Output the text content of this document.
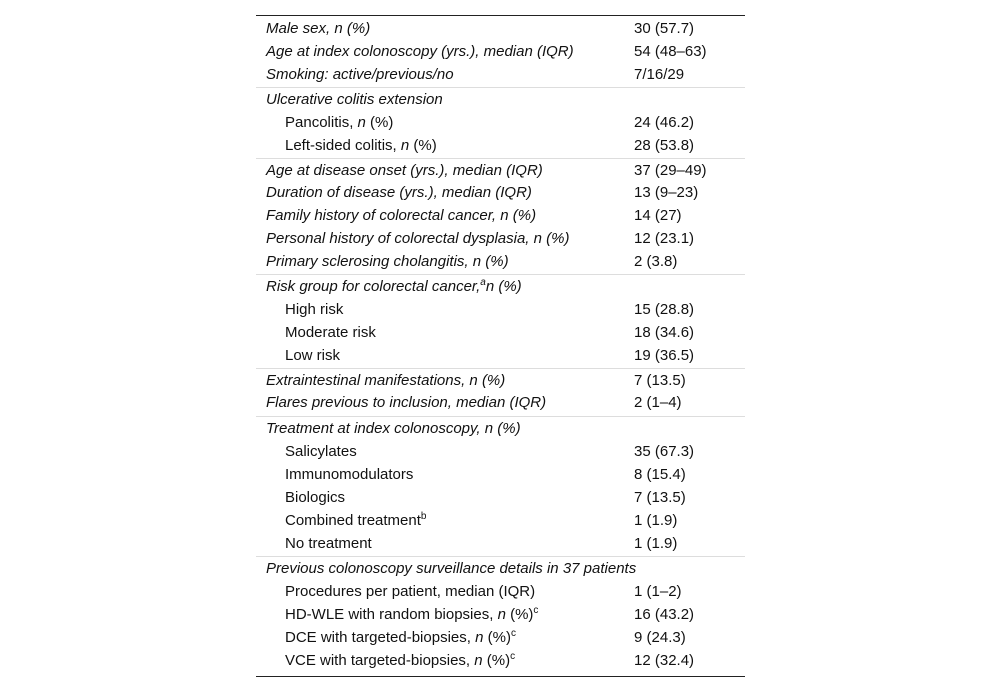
Male sex, n (%)	30 (57.7)
Age at index colonoscopy (yrs.), median (IQR)	54 (48–63)
Smoking: active/previous/no	7/16/29
Ulcerative colitis extension
Pancolitis, n (%)	24 (46.2)
Left-sided colitis, n (%)	28 (53.8)
Age at disease onset (yrs.), median (IQR)	37 (29–49)
Duration of disease (yrs.), median (IQR)	13 (9–23)
Family history of colorectal cancer, n (%)	14 (27)
Personal history of colorectal dysplasia, n (%)	12 (23.1)
Primary sclerosing cholangitis, n (%)	2 (3.8)
Risk group for colorectal cancer,$^a$n (%)
High risk	15 (28.8)
Moderate risk	18 (34.6)
Low risk	19 (36.5)
Extraintestinal manifestations, n (%)	7 (13.5)
Flares previous to inclusion, median (IQR)	2 (1–4)
Treatment at index colonoscopy, n (%)
Salicylates	35 (67.3)
Immunomodulators	8 (15.4)
Biologics	7 (13.5)
Combined treatment$^b$	1 (1.9)
No treatment	1 (1.9)
Previous colonoscopy surveillance details in 37 patients
Procedures per patient, median (IQR)	1 (1–2)
HD-WLE with random biopsies, n (%)$^c$	16 (43.2)
DCE with targeted-biopsies, n (%)$^c$	9 (24.3)
VCE with targeted-biopsies, n (%)$^c$	12 (32.4)
